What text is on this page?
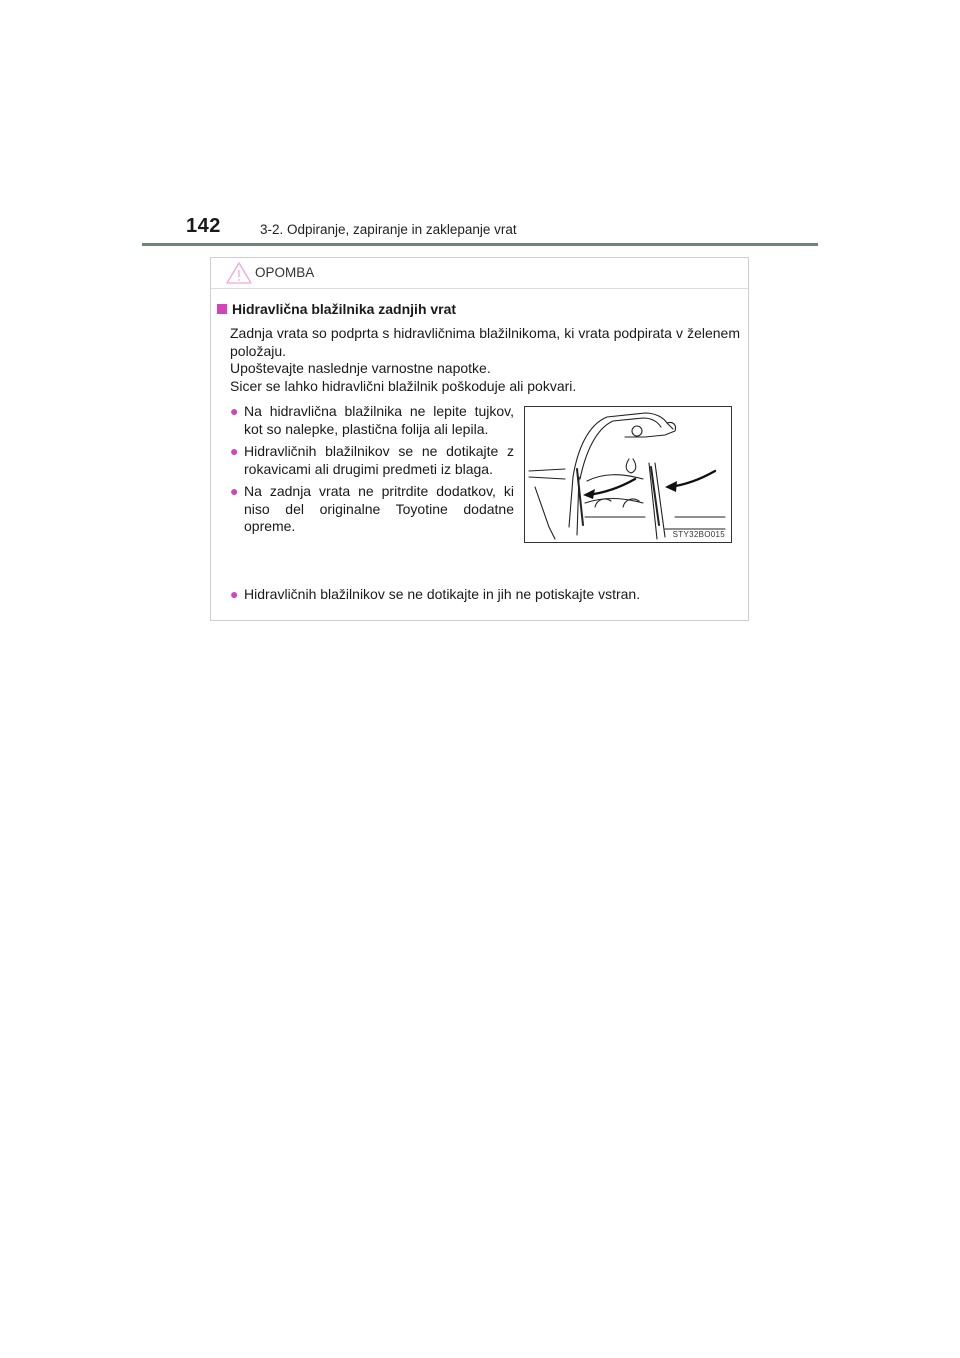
142	3-2. Odpiranje, zapiranje in zaklepanje vrat
OPOMBA
Hidravlična blažilnika zadnjih vrat

Zadnja vrata so podprta s hidravličnima blažilnikoma, ki vrata podpirata v želenem položaju.

Upoštevajte naslednje varnostne napotke.

Sicer se lahko hidravlični blažilnik poškoduje ali pokvari.

● Na hidravlična blažilnika ne lepite tujkov, kot so nalepke, plastična folija ali lepila.
● Hidravličnih blažilnikov se ne dotikajte z rokavicami ali drugimi predmeti iz blaga.
● Na zadnja vrata ne pritrdite dodatkov, ki niso del originalne Toyotine dodatne opreme.
STY32BO015
● Hidravličnih blažilnikov se ne dotikajte in jih ne potiskajte vstran.
